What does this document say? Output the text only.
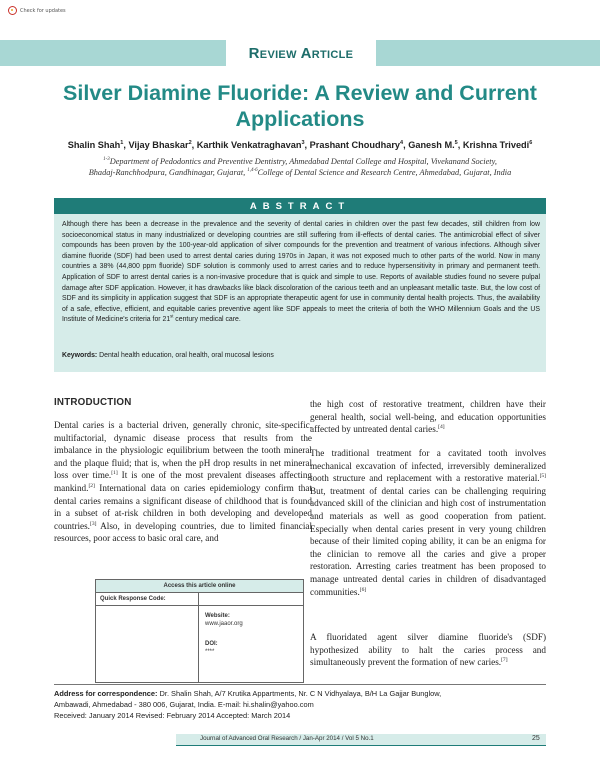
Check for updates
Review Article
Silver Diamine Fluoride: A Review and Current
Applications
Shalin Shah$^1$, Vijay Bhaskar$^2$, Karthik Venkatraghavan$^3$, Prashant Choudhary$^4$, Ganesh M.$^5$, Krishna Trivedi$^6$
$^{1-3}$Department of Pedodontics and Preventive Dentistry, Ahmedabad Dental College and Hospital, Vivekanand Society,
Bhadaj-Ranchhodpura, Gandhinagar, Gujarat, $^{1,4-6}$College of Dental Science and Research Centre, Ahmedabad, Gujarat, India
ABSTRACT
Although there has been a decrease in the prevalence and the severity of dental caries in children over the past few decades, still children from low socioeconomical status in many industrialized or developing countries are still suffering from ill-effects of dental caries. The antimicrobial effect of silver compounds has been proven by the 100-year-old application of silver compounds for the prevention and treatment of various infections. Although silver diamine fluoride (SDF) had been used to arrest dental caries during 1970s in Japan, it was not exposed much to other parts of the world. Now in many countries a 38% (44,800 ppm fluoride) SDF solution is commonly used to arrest caries and to reduce hypersensitivity in primary and permanent teeth. Application of SDF to arrest dental caries is a non-invasive procedure that is quick and simple to use. Reports of available studies found no severe pulpal damage after SDF application. However, it has drawbacks like black discoloration of the carious teeth and an unpleasant metallic taste. But, the low cost of SDF and its simplicity in application suggest that SDF is an appropriate therapeutic agent for use in community dental health projects. Thus, the availability of a safe, effective, efficient, and equitable caries preventive agent like SDF appeals to meet the criteria of both the WHO Millennium Goals and the US Institute of Medicine's criteria for 21st century medical care.
Keywords: Dental health education, oral health, oral mucosal lesions
INTRODUCTION
Dental caries is a bacterial driven, generally chronic, site-specific, multifactorial, dynamic disease process that results from the imbalance in the physiologic equilibrium between the tooth mineral and the plaque fluid; that is, when the pH drop results in net mineral loss over time.[1] It is one of the most prevalent diseases affecting mankind.[2] International data on caries epidemiology confirm that dental caries remains a significant disease of childhood that is found in a subset of at-risk children in both developing and developed countries.[3] Also, in developing countries, due to limited financial resources, poor access to basic oral care, and
the high cost of restorative treatment, children have their general health, social well-being, and education opportunities affected by untreated dental caries.[4]
The traditional treatment for a cavitated tooth involves mechanical excavation of infected, irreversibly demineralized tooth structure and replacement with a restorative material.[5] But, treatment of dental caries can be challenging requiring advanced skill of the clinician and high cost of instrumentation and materials as well as good cooperation from patient. Especially when dental caries present in very young children because of their limited coping ability, it can be an enigma for the clinician to remove all the caries and give a proper restoration. Arresting caries treatment has been proposed to manage untreated dental caries in children of disadvantaged communities.[6]
A fluoridated agent silver diamine fluoride's (SDF) hypothesized ability to halt the caries process and simultaneously prevent the formation of new caries.[7]
Access this article online
Quick Response Code:
Website:
www.jaaor.org
DOI:
****
Address for correspondence: Dr. Shalin Shah, A/7 Krutika Appartments, Nr. C N Vidhyalaya, B/H La Gajjar Bunglow,
Ambawadi, Ahmedabad - 380 006, Gujarat, India. E-mail: hi.shalin@yahoo.com
Received: January 2014 Revised: February 2014 Accepted: March 2014
Journal of Advanced Oral Research / Jan-Apr 2014 / Vol 5 No.1	25
